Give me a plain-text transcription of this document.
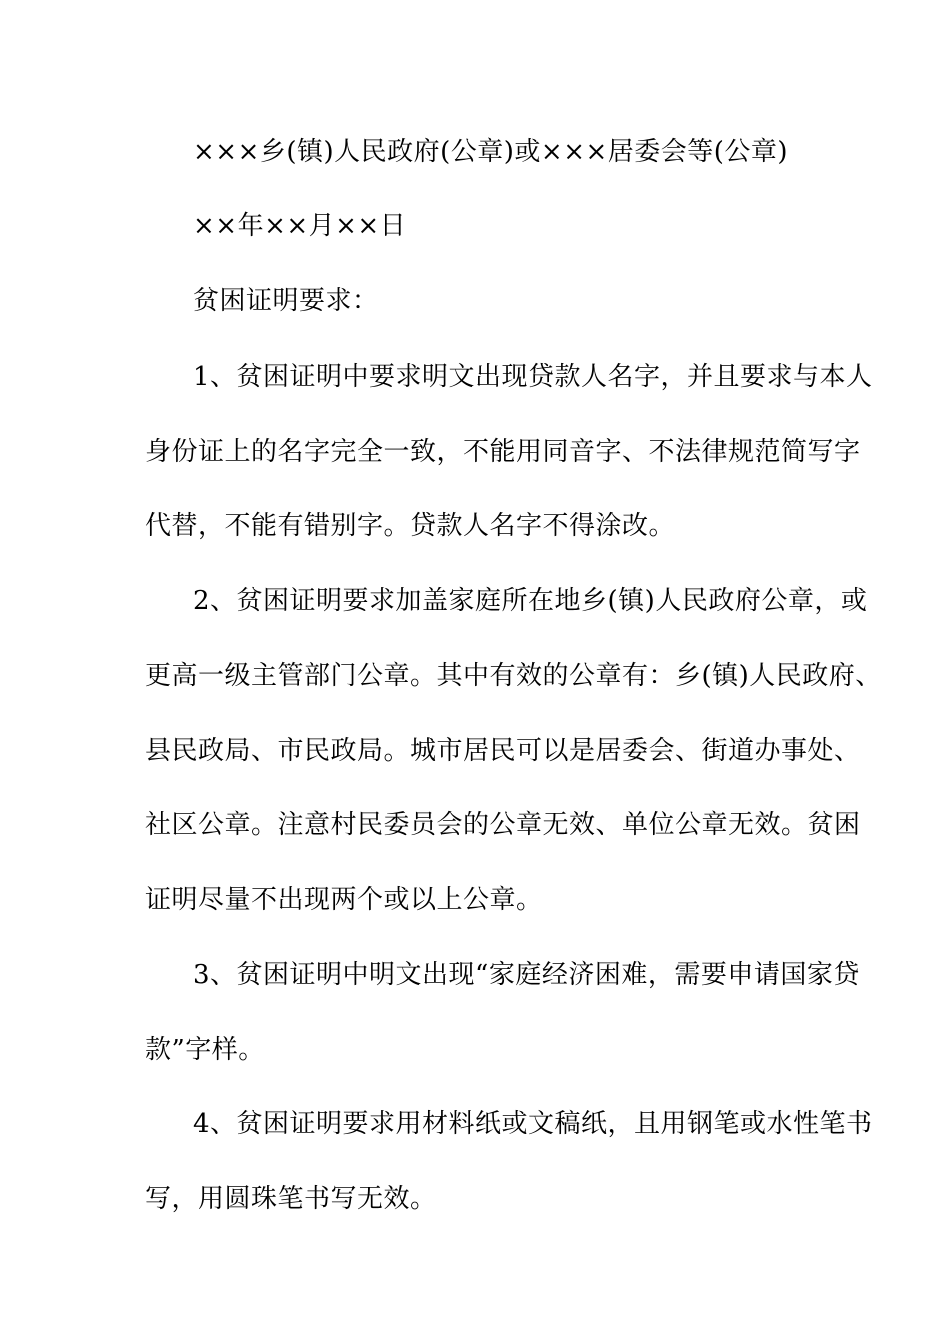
×××乡(镇)人民政府(公章)或×××居委会等(公章)
××年××月××日
贫困证明要求：
1、贫困证明中要求明文出现贷款人名字，并且要求与本人
身份证上的名字完全一致，不能用同音字、不法律规范简写字
代替，不能有错别字。贷款人名字不得涂改。
2、贫困证明要求加盖家庭所在地乡(镇)人民政府公章，或
更高一级主管部门公章。其中有效的公章有：乡(镇)人民政府、
县民政局、市民政局。城市居民可以是居委会、街道办事处、
社区公章。注意村民委员会的公章无效、单位公章无效。贫困
证明尽量不出现两个或以上公章。
3、贫困证明中明文出现“家庭经济困难，需要申请国家贷
款”字样。
4、贫困证明要求用材料纸或文稿纸，且用钢笔或水性笔书
写，用圆珠笔书写无效。
